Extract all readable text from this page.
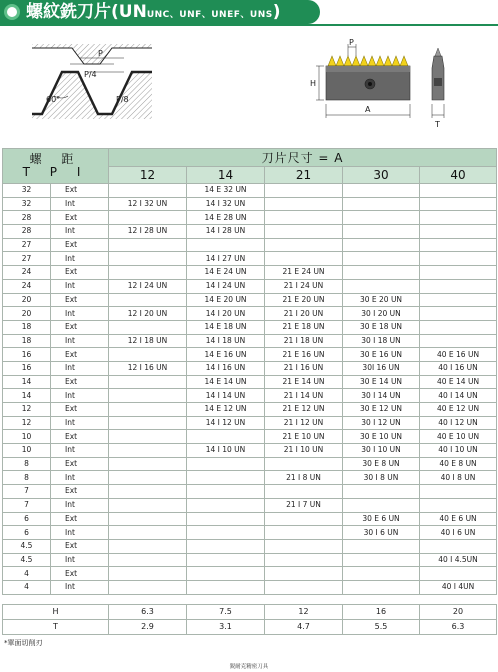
螺紋銑刀片(UNUNC、UNF、UNEF、UNS)
P
P/4
P/8
60°
P
H
A
T
螺 距
T P I		刀片尺寸 = A				
		12	14	21	30	40
32	Ext		14 E 32 UN			
32	Int	12 I 32 UN	14 I 32 UN			
28	Ext		14 E 28 UN			
28	Int	12 I 28 UN	14 I 28 UN			
27	Ext					
27	Int		14 I 27 UN			
24	Ext		14 E 24 UN	21 E 24 UN		
24	Int	12 I 24 UN	14 I 24 UN	21 I 24 UN		
20	Ext		14 E 20 UN	21 E 20 UN	30 E 20 UN	
20	Int	12 I 20 UN	14 I 20 UN	21 I 20 UN	30 I 20 UN	
18	Ext		14 E 18 UN	21 E 18 UN	30 E 18 UN	
18	Int	12 I 18 UN	14 I 18 UN	21 I 18 UN	30 I 18 UN	
16	Ext		14 E 16 UN	21 E 16 UN	30 E 16 UN	40 E 16 UN
16	Int	12 I 16 UN	14 I 16 UN	21 I 16 UN	30I 16 UN	40 I 16 UN
14	Ext		14 E 14 UN	21 E 14 UN	30 E 14 UN	40 E 14 UN
14	Int		14 I 14 UN	21 I 14 UN	30 I 14 UN	40 I 14 UN
12	Ext		14 E 12 UN	21 E 12 UN	30 E 12 UN	40 E 12 UN
12	Int		14 I 12 UN	21 I 12 UN	30 I 12 UN	40 I 12 UN
10	Ext			21 E 10 UN	30 E 10 UN	40 E 10 UN
10	Int		14 I 10 UN	21 I 10 UN	30 I 10 UN	40 I 10 UN
8	Ext				30 E 8 UN	40 E 8 UN
8	Int			21 I 8 UN	30 I 8 UN	40 I 8 UN
7	Ext					
7	Int			21 I 7 UN		
6	Ext				30 E 6 UN	40 E 6 UN
6	Int				30 I 6 UN	40 I 6 UN
4.5	Ext					
4.5	Int					40 I 4.5UN
4	Ext					
4	Int					40 I 4UN
H	6.3	7.5	12	16	20
T	2.9	3.1	4.7	5.5	6.3
*單面切削刃
鋭耐克精密刀具
